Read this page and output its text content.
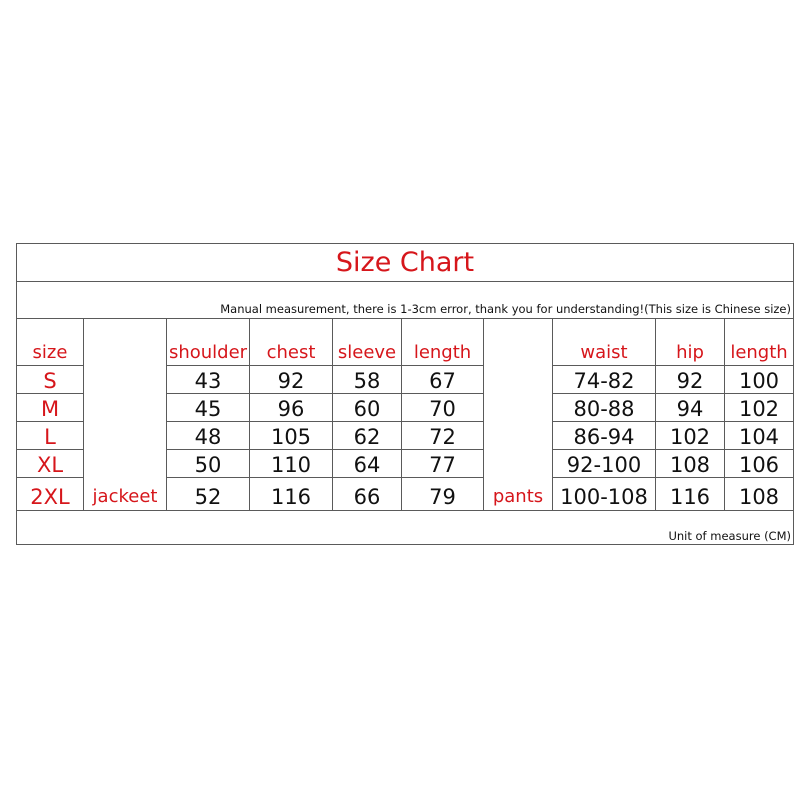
Size Chart									
Manual measurement, there is 1-3cm error, thank you for understanding!(This size is Chinese size)									
size	jackeet	shoulder	chest	sleeve	length	pants	waist	hip	length
S		43	92	58	67		74-82	92	100
M		45	96	60	70		80-88	94	102
L		48	105	62	72		86-94	102	104
XL		50	110	64	77		92-100	108	106
2XL		52	116	66	79		100-108	116	108
Unit of measure (CM)									
